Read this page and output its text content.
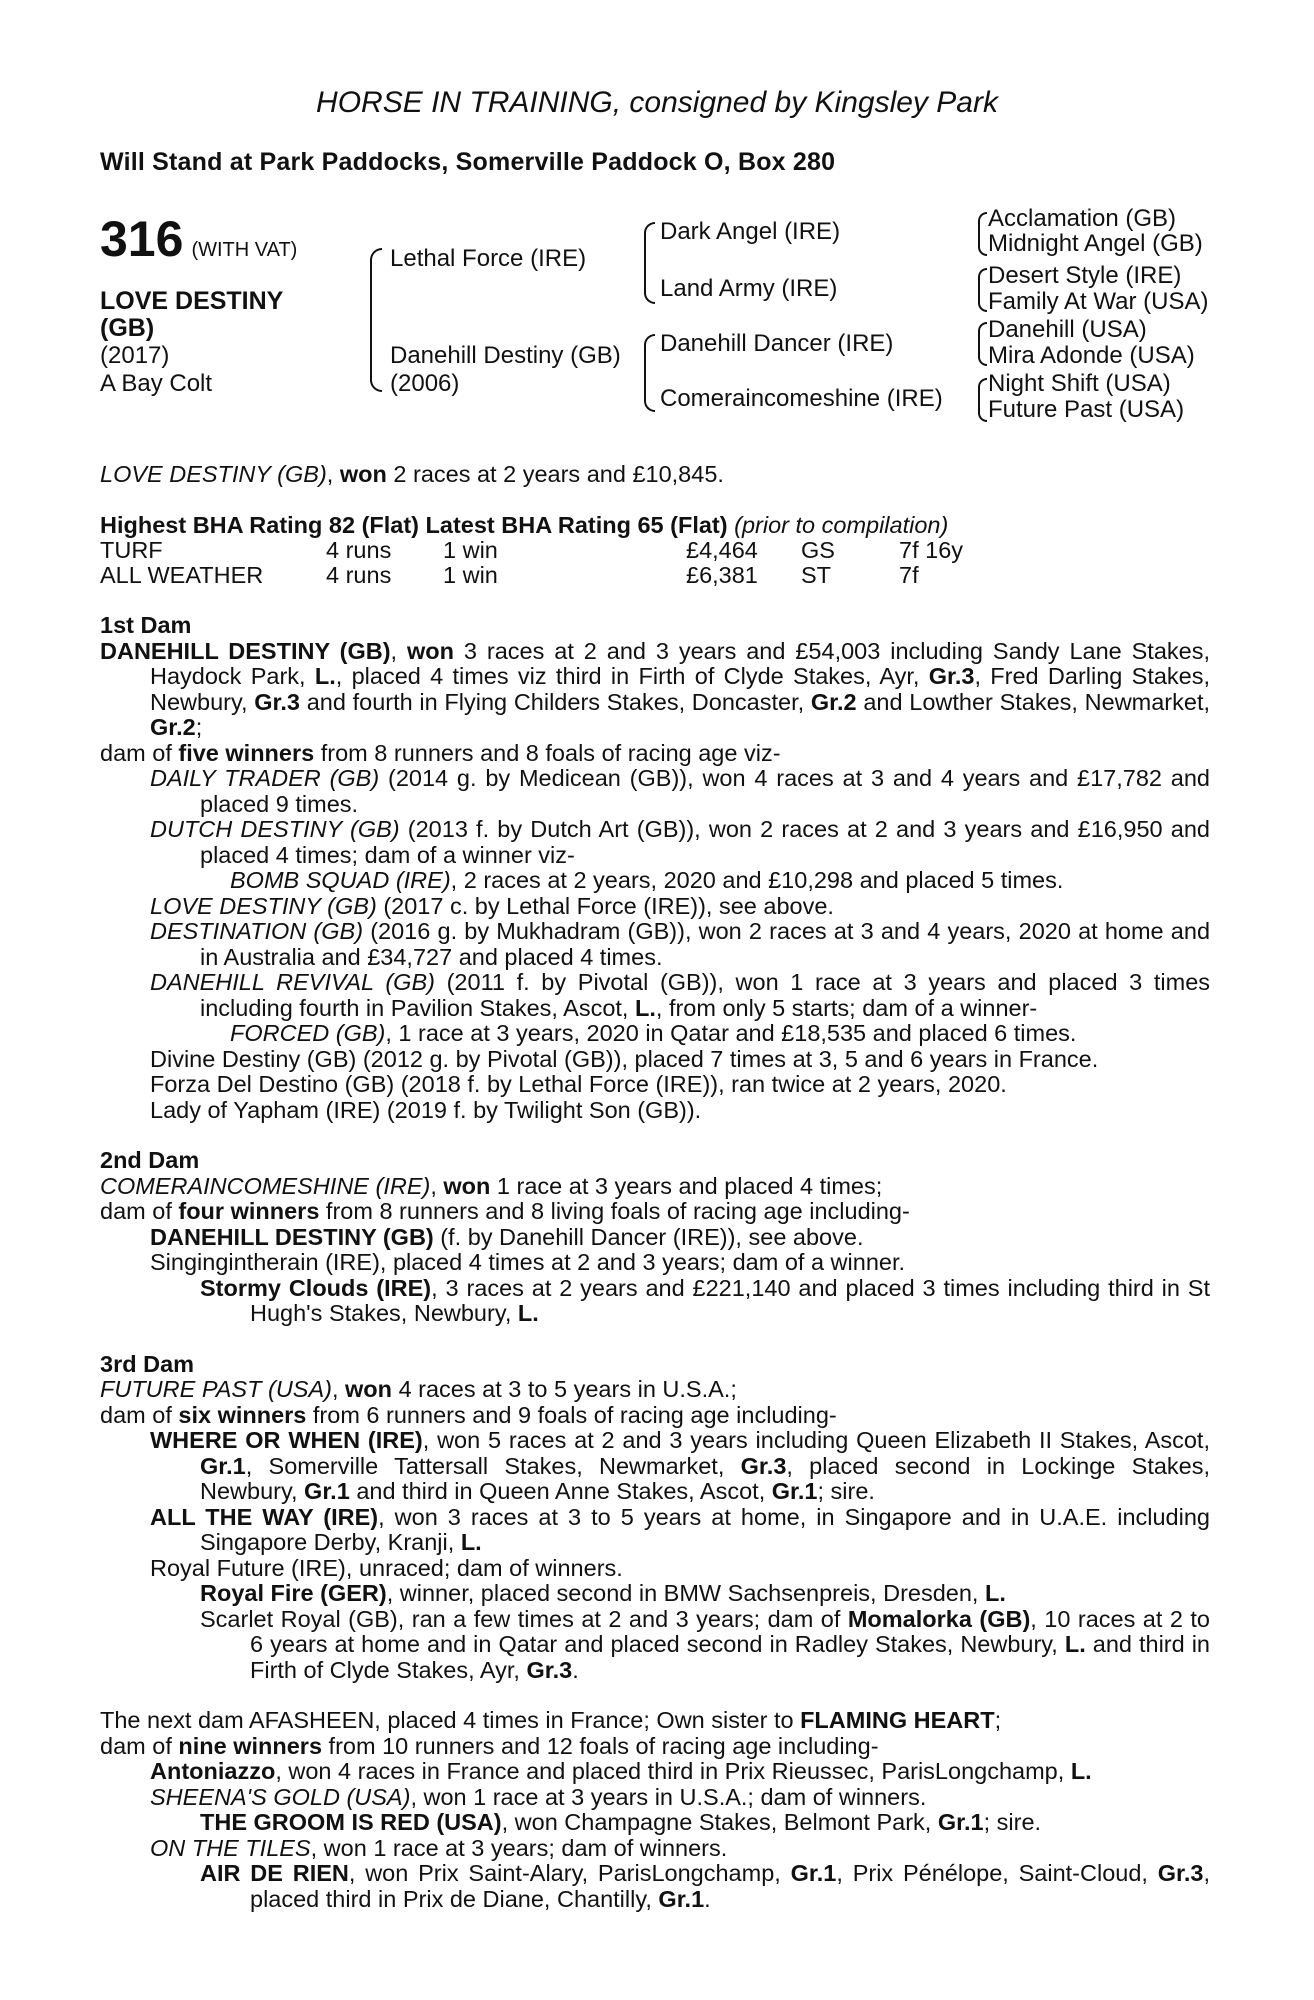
HORSE IN TRAINING, consigned by Kingsley Park
Will Stand at Park Paddocks, Somerville Paddock O, Box 280
316 (WITH VAT)
LOVE DESTINY
(GB)
(2017)
A Bay Colt
Lethal Force (IRE)
Danehill Destiny (GB)
(2006)
Dark Angel (IRE)
Land Army (IRE)
Danehill Dancer (IRE)
Comeraincomeshine (IRE)
Acclamation (GB)
Midnight Angel (GB)
Desert Style (IRE)
Family At War (USA)
Danehill (USA)
Mira Adonde (USA)
Night Shift (USA)
Future Past (USA)

LOVE DESTINY (GB), won 2 races at 2 years and £10,845.

Highest BHA Rating 82 (Flat) Latest BHA Rating 65 (Flat) (prior to compilation)

TURF	4 runs	1 win	£4,464	GS	7f 16y
ALL WEATHER	4 runs	1 win	£6,381	ST	7f

1st Dam

DANEHILL DESTINY (GB), won 3 races at 2 and 3 years and £54,003 including Sandy Lane Stakes, Haydock Park, L., placed 4 times viz third in Firth of Clyde Stakes, Ayr, Gr.3, Fred Darling Stakes, Newbury, Gr.3 and fourth in Flying Childers Stakes, Doncaster, Gr.2 and Lowther Stakes, Newmarket, Gr.2;

dam of five winners from 8 runners and 8 foals of racing age viz-

DAILY TRADER (GB) (2014 g. by Medicean (GB)), won 4 races at 3 and 4 years and £17,782 and placed 9 times.

DUTCH DESTINY (GB) (2013 f. by Dutch Art (GB)), won 2 races at 2 and 3 years and £16,950 and placed 4 times; dam of a winner viz-

BOMB SQUAD (IRE), 2 races at 2 years, 2020 and £10,298 and placed 5 times.

LOVE DESTINY (GB) (2017 c. by Lethal Force (IRE)), see above.

DESTINATION (GB) (2016 g. by Mukhadram (GB)), won 2 races at 3 and 4 years, 2020 at home and in Australia and £34,727 and placed 4 times.

DANEHILL REVIVAL (GB) (2011 f. by Pivotal (GB)), won 1 race at 3 years and placed 3 times including fourth in Pavilion Stakes, Ascot, L., from only 5 starts; dam of a winner-

FORCED (GB), 1 race at 3 years, 2020 in Qatar and £18,535 and placed 6 times.

Divine Destiny (GB) (2012 g. by Pivotal (GB)), placed 7 times at 3, 5 and 6 years in France.

Forza Del Destino (GB) (2018 f. by Lethal Force (IRE)), ran twice at 2 years, 2020.

Lady of Yapham (IRE) (2019 f. by Twilight Son (GB)).

2nd Dam

COMERAINCOMESHINE (IRE), won 1 race at 3 years and placed 4 times;

dam of four winners from 8 runners and 8 living foals of racing age including-

DANEHILL DESTINY (GB) (f. by Danehill Dancer (IRE)), see above.

Singingintherain (IRE), placed 4 times at 2 and 3 years; dam of a winner.

Stormy Clouds (IRE), 3 races at 2 years and £221,140 and placed 3 times including third in St Hugh's Stakes, Newbury, L.

3rd Dam

FUTURE PAST (USA), won 4 races at 3 to 5 years in U.S.A.;

dam of six winners from 6 runners and 9 foals of racing age including-

WHERE OR WHEN (IRE), won 5 races at 2 and 3 years including Queen Elizabeth II Stakes, Ascot, Gr.1, Somerville Tattersall Stakes, Newmarket, Gr.3, placed second in Lockinge Stakes, Newbury, Gr.1 and third in Queen Anne Stakes, Ascot, Gr.1; sire.

ALL THE WAY (IRE), won 3 races at 3 to 5 years at home, in Singapore and in U.A.E. including Singapore Derby, Kranji, L.

Royal Future (IRE), unraced; dam of winners.

Royal Fire (GER), winner, placed second in BMW Sachsenpreis, Dresden, L.

Scarlet Royal (GB), ran a few times at 2 and 3 years; dam of Momalorka (GB), 10 races at 2 to 6 years at home and in Qatar and placed second in Radley Stakes, Newbury, L. and third in Firth of Clyde Stakes, Ayr, Gr.3.

The next dam AFASHEEN, placed 4 times in France; Own sister to FLAMING HEART;

dam of nine winners from 10 runners and 12 foals of racing age including-

Antoniazzo, won 4 races in France and placed third in Prix Rieussec, ParisLongchamp, L.

SHEENA'S GOLD (USA), won 1 race at 3 years in U.S.A.; dam of winners.

THE GROOM IS RED (USA), won Champagne Stakes, Belmont Park, Gr.1; sire.

ON THE TILES, won 1 race at 3 years; dam of winners.

AIR DE RIEN, won Prix Saint-Alary, ParisLongchamp, Gr.1, Prix Pénélope, Saint-Cloud, Gr.3, placed third in Prix de Diane, Chantilly, Gr.1.
